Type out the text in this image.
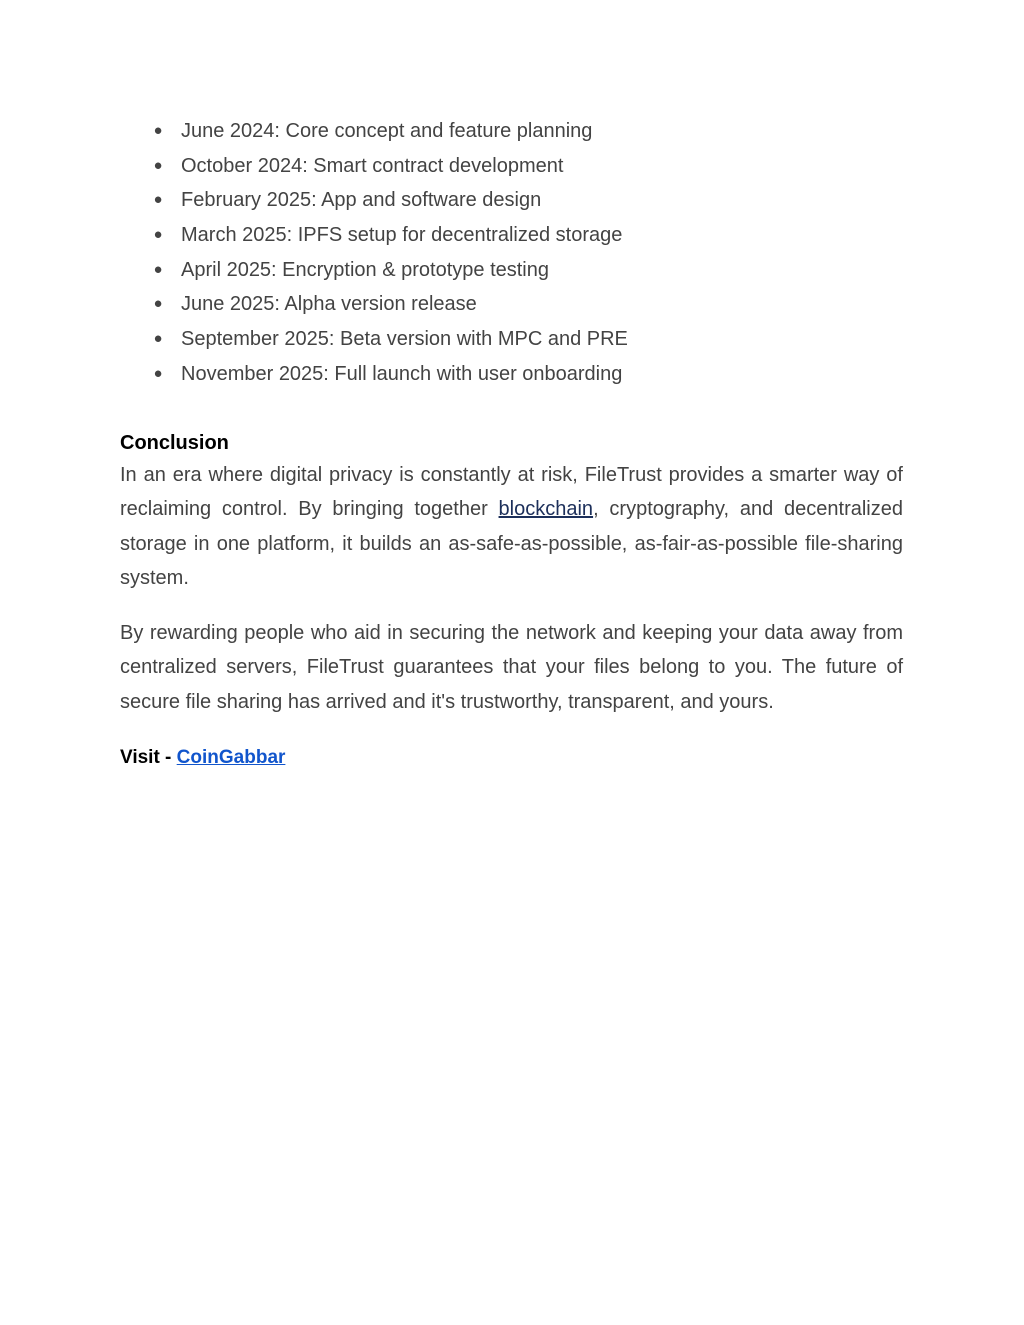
● June 2024: Core concept and feature planning
● October 2024: Smart contract development
● February 2025: App and software design
● March 2025: IPFS setup for decentralized storage
● April 2025: Encryption & prototype testing
● June 2025: Alpha version release
● September 2025: Beta version with MPC and PRE
● November 2025: Full launch with user onboarding
Conclusion

In an era where digital privacy is constantly at risk, FileTrust provides a smarter way of reclaiming control. By bringing together blockchain, cryptography, and decentralized storage in one platform, it builds an as-safe-as-possible, as-fair-as-possible file-sharing system.

By rewarding people who aid in securing the network and keeping your data away from centralized servers, FileTrust guarantees that your files belong to you. The future of secure file sharing has arrived and it's trustworthy, transparent, and yours.

Visit - CoinGabbar
